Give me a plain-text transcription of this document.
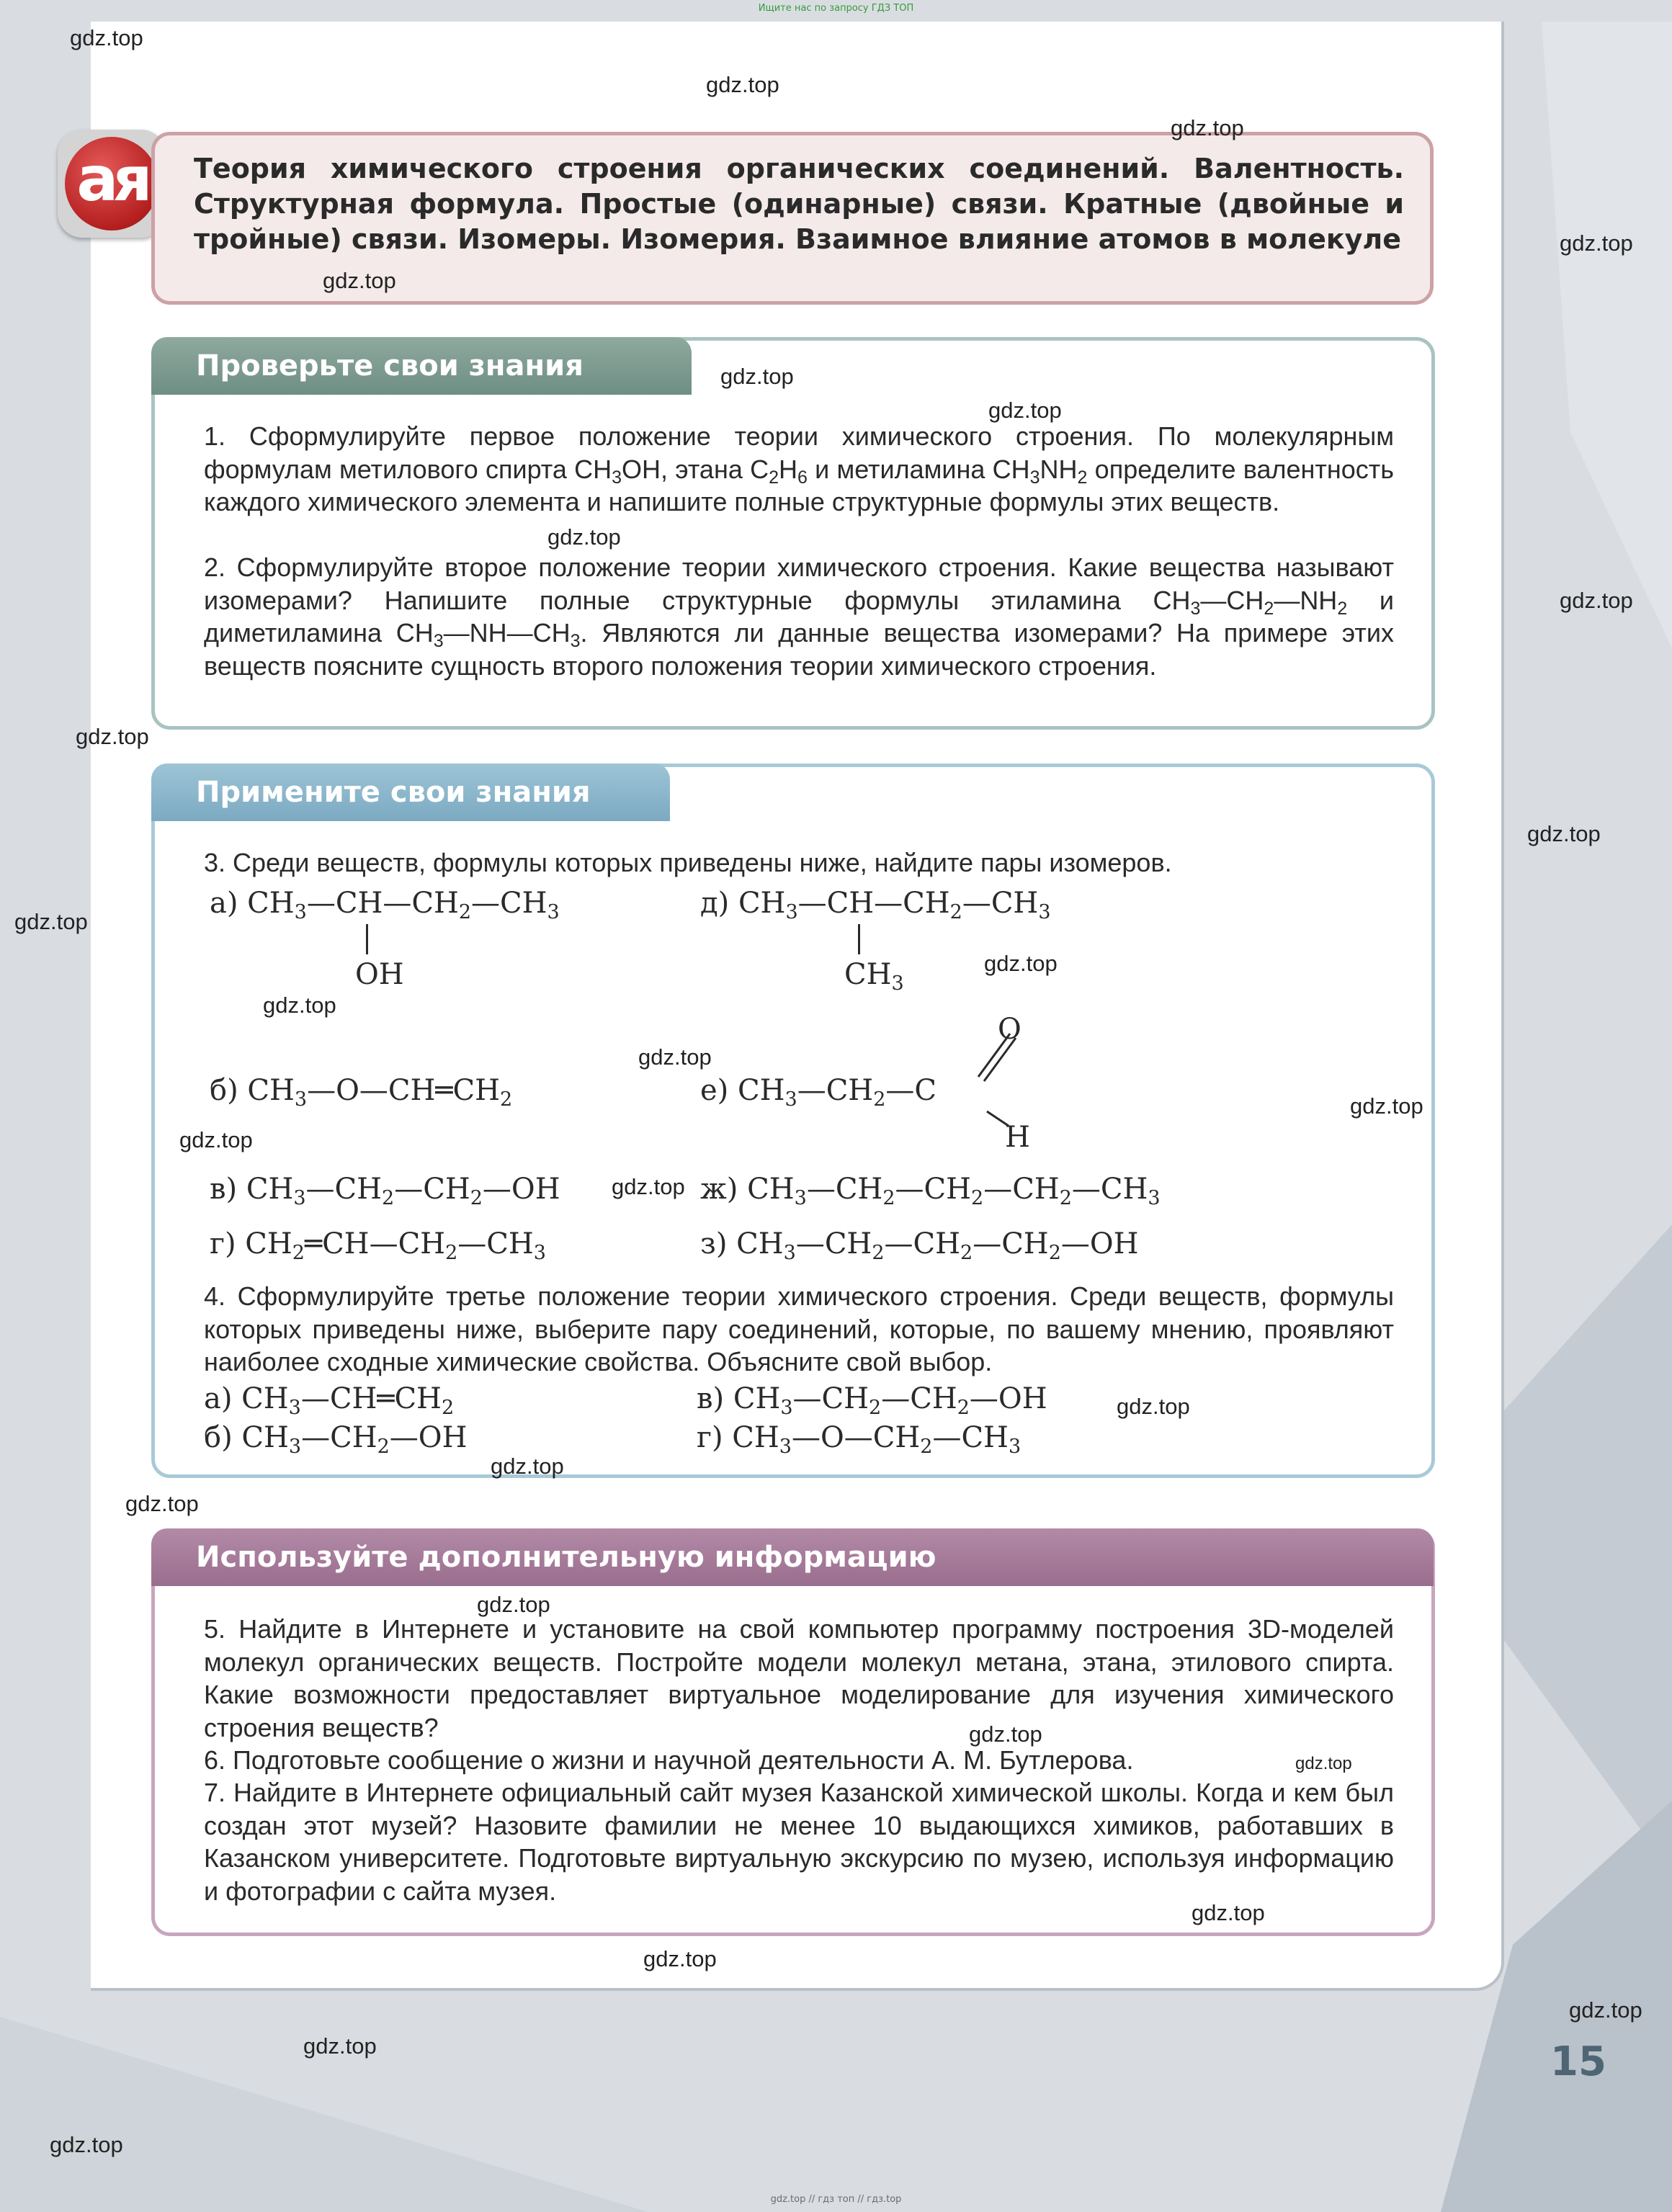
Ищите нас по запросу ГДЗ ТОП
ая	Теория химического строения органических соединений. Валентность. Структурная формула. Простые (одинарные) связи. Кратные (двойные и тройные) связи. Изомеры. Изомерия. Взаимное влияние атомов в молекуле
Проверьте свои знания
1. Сформулируйте первое положение теории химического строения. По молекулярным формулам метилового спирта $CH_3OH$, этана $C_2H_6$ и метиламина $CH_3NH_2$ определите валентность каждого химического элемента и напишите полные структурные формулы этих веществ.
2. Сформулируйте второе положение теории химического строения. Какие вещества называют изомерами? Напишите полные структурные формулы этиламина $CH_3—CH_2—NH_2$ и диметиламина $CH_3—NH—CH_3$. Являются ли данные вещества изомерами? На примере этих веществ поясните сущность второго положения теории химического строения.
Примените свои знания
3. Среди веществ, формулы которых приведены ниже, найдите пары изомеров.
а) $CH_3—CH—CH_2—CH_3$
OH
д) $CH_3—CH—CH_2—CH_3$
$CH_3$
б) $CH_3—O—CH═CH_2$	е) $CH_3—CH_2—C$
O
H
в) $CH_3—CH_2—CH_2—OH$	ж) $CH_3—CH_2—CH_2—CH_2—CH_3$
г) $CH_2═CH—CH_2—CH_3$	з) $CH_3—CH_2—CH_2—CH_2—OH$
4. Сформулируйте третье положение теории химического строения. Среди веществ, формулы которых приведены ниже, выберите пару соединений, которые, по вашему мнению, проявляют наиболее сходные химические свойства. Объясните свой выбор.
а) $CH_3—CH═CH_2$	в) $CH_3—CH_2—CH_2—OH$
б) $CH_3—CH_2—OH$	г) $CH_3—O—CH_2—CH_3$
Используйте дополнительную информацию
5. Найдите в Интернете и установите на свой компьютер программу построения 3D-моделей молекул органических веществ. Постройте модели молекул метана, этана, этилового спирта. Какие возможности предоставляет виртуальное моделирование для изучения химического строения веществ?
6. Подготовьте сообщение о жизни и научной деятельности А. М. Бутлерова.
7. Найдите в Интернете официальный сайт музея Казанской химической школы. Когда и кем был создан этот музей? Назовите фамилии не менее 10 выдающихся химиков, работавших в Казанском университете. Подготовьте виртуальную экскурсию по музею, используя информацию и фотографии с сайта музея.
15
gdz.top
gdz.top
gdz.top
gdz.top
gdz.top
gdz.top
gdz.top
gdz.top
gdz.top
gdz.top
gdz.top
gdz.top
gdz.top
gdz.top
gdz.top
gdz.top
gdz.top
gdz.top
gdz.top
gdz.top
gdz.top
gdz.top
gdz.top
gdz.top
gdz.top
gdz.top
gdz.top
gdz.top
gdz.top
gdz.top // гдз топ // гдз.top
